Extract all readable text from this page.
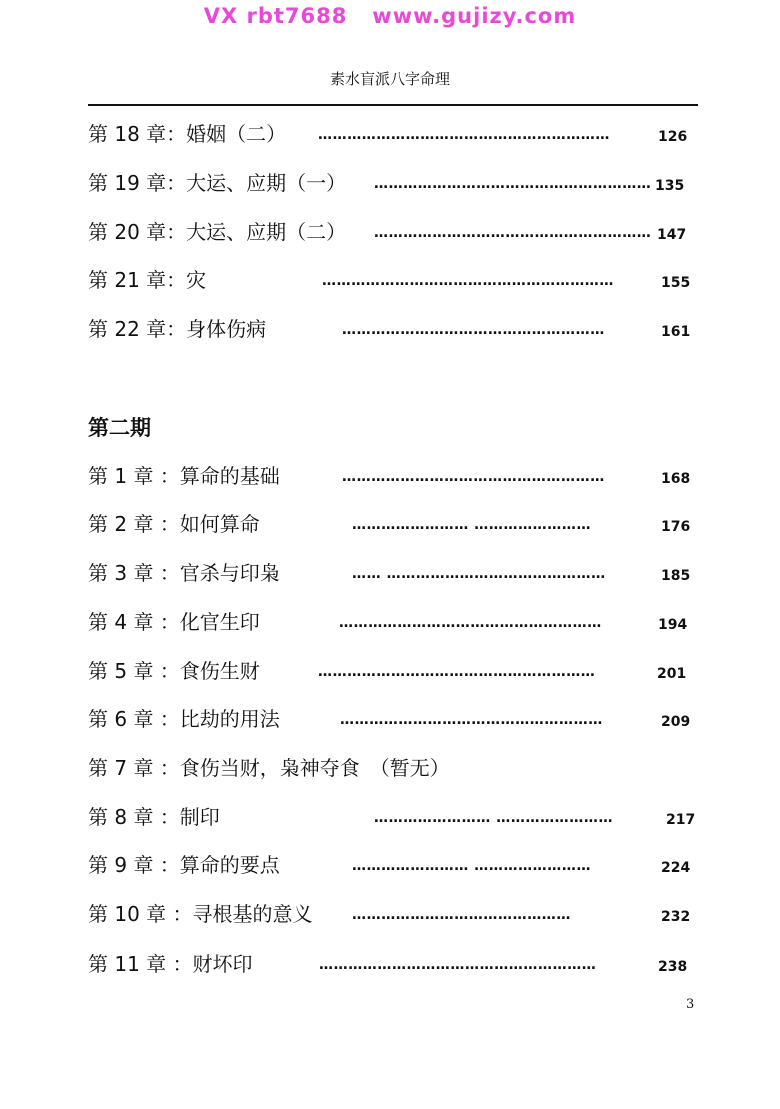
VX rbt7688   www.gujizy.com
素水盲派八字命理
第 18 章：婚姻（二） ……………………………………………………	126
第 19 章：大运、应期（一） ………………………………………………… 135
第 20 章：大运、应期（二） ………………………………………………… 147
第 21 章：灾	……………………………………………………	155
第 22 章：身体伤病	………………………………………………	161
第二期
第 1 章 ：算命的基础	………………………………………………	168
第 2 章 ：如何算命	…………………… ……………………	176
第 3 章 ：官杀与印枭	…… ………………………………………	185
第 4 章 ：化官生印	………………………………………………	194
第 5 章 ：食伤生财	…………………………………………………	201
第 6 章 ：比劫的用法	………………………………………………	209
第 7 章 ：食伤当财，枭神夺食　（暂无）
第 8 章 ：制印	…………………… ……………………	217
第 9 章 ：算命的要点	…………………… ……………………	224
第 10 章 ：寻根基的意义	………………………………………	232
第 11 章 ：财坏印	…………………………………………………	238
3
